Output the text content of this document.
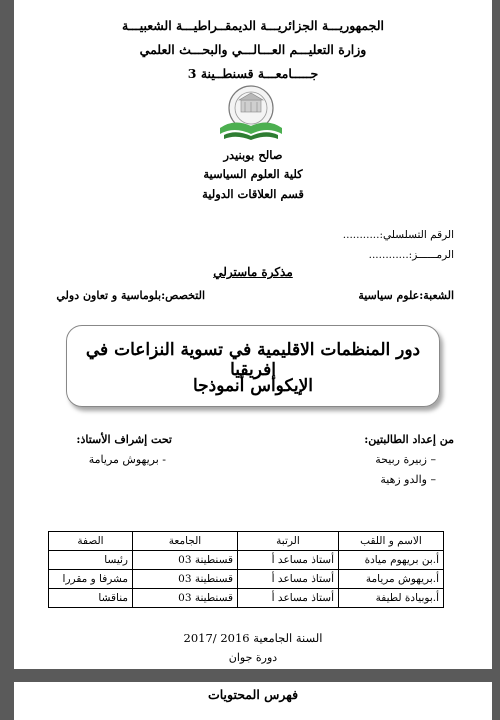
الجمهوريـــة الجزائريـــة الديمقــراطيـــة الشعبيـــة
وزارة التعليـــم العـــالـــي والبحـــث العلمي
جـــــامعـــة قسنطــينة 3
صالح بوبنيدر
كلية العلوم السياسية
قسم العلاقات الدولية
الرقم التسلسلي:...........
الرمــــــز:............
مذكرة ماسترلي
الشعبة:علوم سياسية
التخصص:بلوماسية و تعاون دولي
دور المنظمات الاقليمية في تسوية النزاعات في إفريقيا
الإيكواس أنموذجا
من إعداد الطالبتين:
– زبيرة ربيحة
– والدو زهية
تحت إشراف الأستاذ:
- بريهوش مريامة
الاسم و اللقب	الرتبة	الجامعة	الصفة
أ.بن بريهوم ميادة	أستاذ مساعد أ	قسنطينة 03	رئيسا
أ.بريهوش مريامة	أستاذ مساعد أ	قسنطينة 03	مشرفا و مقررا
أ.بوبيادة لطيفة	أستاذ مساعد أ	قسنطينة 03	مناقشا
السنة الجامعية 2016 /2017
دورة جوان
فهرس المحتويات
